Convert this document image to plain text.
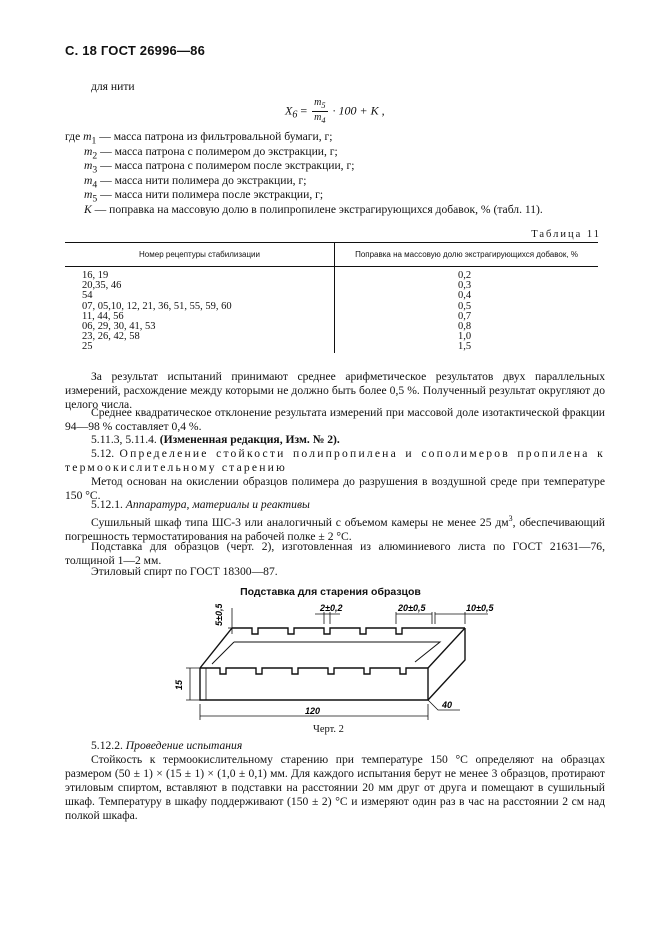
С. 18 ГОСТ 26996—86
для нити
$X_6 = \frac{m_5}{m_4} \cdot 100 + K$ ,
где $m_1$ — масса патрона из фильтровальной бумаги, г;
$m_2$ — масса патрона с полимером до экстракции, г;
$m_3$ — масса патрона с полимером после экстракции, г;
$m_4$ — масса нити полимера до экстракции, г;
$m_5$ — масса нити полимера после экстракции, г;
K — поправка на массовую долю в полипропилене экстрагирующихся добавок, % (табл. 11).
Таблица 11
Номер рецептуры стабилизации	Поправка на массовую долю экстрагирующихся добавок, %
16, 19	0,2
20,35, 46	0,3
54	0,4
07, 05,10, 12, 21, 36, 51, 55, 59, 60	0,5
11, 44, 56	0,7
06, 29, 30, 41, 53	0,8
23, 26, 42, 58	1,0
25	1,5
За результат испытаний принимают среднее арифметическое результатов двух параллельных измерений, расхождение между которыми не должно быть более 0,5 %. Полученный результат округляют до целого числа.
Среднее квадратическое отклонение результата измерений при массовой доле изотактической фракции 94—98 % составляет 0,4 %.
5.11.3, 5.11.4. (Измененная редакция, Изм. № 2).
5.12. Определение стойкости полипропилена и сополимеров пропилена к термоокислительному старению
Метод основан на окислении образцов полимера до разрушения в воздушной среде при температуре 150 °С.
5.12.1. Аппаратура, материалы и реактивы
Сушильный шкаф типа ШС-3 или аналогичный с объемом камеры не менее 25 $дм^3$, обеспечивающий погрешность термостатирования на рабочей полке ± 2 °С.
Подставка для образцов (черт. 2), изготовленная из алюминиевого листа по ГОСТ 21631—76, толщиной 1—2 мм.
Этиловый спирт по ГОСТ 18300—87.
Подставка для старения образцов
5±0,5	2±0,2	20±0,5	10±0,5
15
120
40
Черт. 2
5.12.2. Проведение испытания
Стойкость к термоокислительному старению при температуре 150 °С определяют на образцах размером (50 ± 1) × (15 ± 1) × (1,0 ± 0,1) мм. Для каждого испытания берут не менее 3 образцов, протирают этиловым спиртом, вставляют в подставки на расстоянии 20 мм друг от друга и помещают в сушильный шкаф. Температуру в шкафу поддерживают (150 ± 2) °С и измеряют один раз в час на расстоянии 2 см над полкой шкафа.
